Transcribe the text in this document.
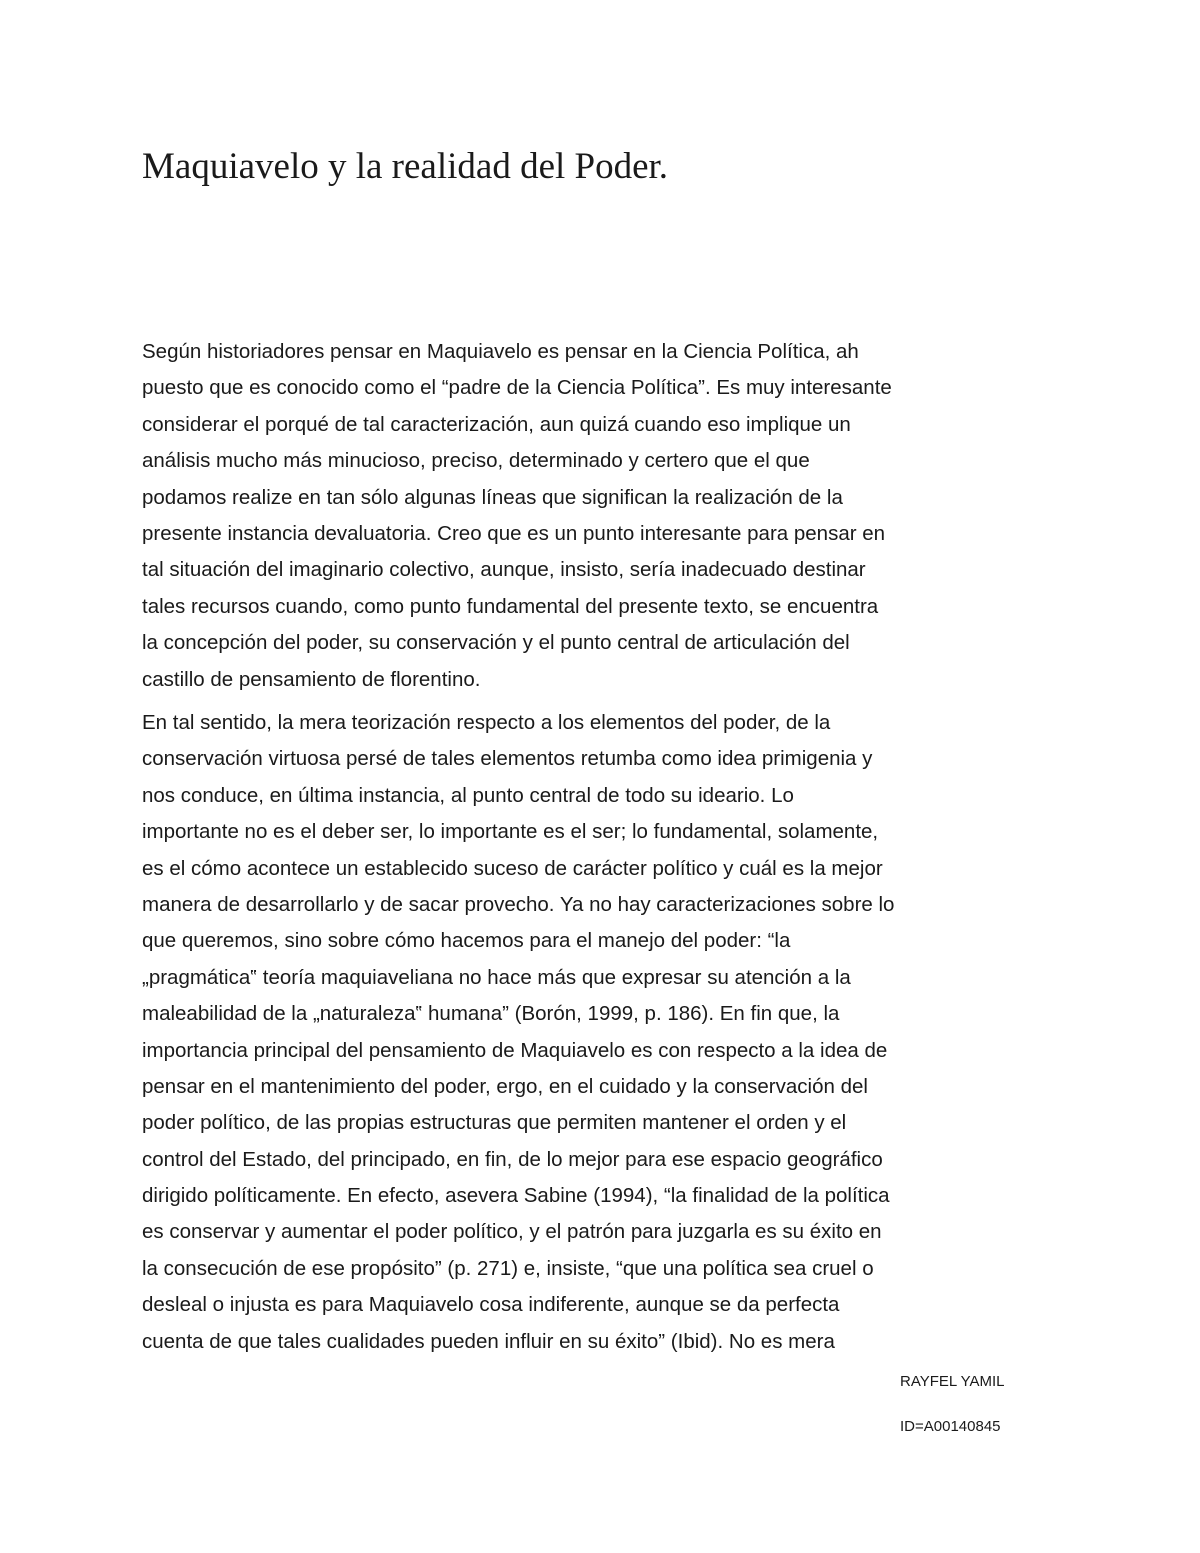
Maquiavelo y la realidad del Poder.
Según historiadores pensar en Maquiavelo es pensar en la Ciencia Política, ah
puesto que es conocido como el “padre de la Ciencia Política”. Es muy interesante
considerar el porqué de tal caracterización, aun quizá cuando eso implique un
análisis mucho más minucioso, preciso, determinado y certero que el que
podamos realize en tan sólo algunas líneas que significan la realización de la
presente instancia devaluatoria. Creo que es un punto interesante para pensar en
tal situación del imaginario colectivo, aunque, insisto, sería inadecuado destinar
tales recursos cuando, como punto fundamental del presente texto, se encuentra
la concepción del poder, su conservación y el punto central de articulación del
castillo de pensamiento de florentino.
En tal sentido, la mera teorización respecto a los elementos del poder, de la
conservación virtuosa persé de tales elementos retumba como idea primigenia y
nos conduce, en última instancia, al punto central de todo su ideario. Lo
importante no es el deber ser, lo importante es el ser; lo fundamental, solamente,
es el cómo acontece un establecido suceso de carácter político y cuál es la mejor
manera de desarrollarlo y de sacar provecho. Ya no hay caracterizaciones sobre lo
que queremos, sino sobre cómo hacemos para el manejo del poder: “la
„pragmática‟ teoría maquiaveliana no hace más que expresar su atención a la
maleabilidad de la „naturaleza‟ humana” (Borón, 1999, p. 186). En fin que, la
importancia principal del pensamiento de Maquiavelo es con respecto a la idea de
pensar en el mantenimiento del poder, ergo, en el cuidado y la conservación del
poder político, de las propias estructuras que permiten mantener el orden y el
control del Estado, del principado, en fin, de lo mejor para ese espacio geográfico
dirigido políticamente. En efecto, asevera Sabine (1994), “la finalidad de la política
es conservar y aumentar el poder político, y el patrón para juzgarla es su éxito en
la consecución de ese propósito” (p. 271) e, insiste, “que una política sea cruel o
desleal o injusta es para Maquiavelo cosa indiferente, aunque se da perfecta
cuenta de que tales cualidades pueden influir en su éxito” (Ibid). No es mera
RAYFEL YAMIL
ID=A00140845
